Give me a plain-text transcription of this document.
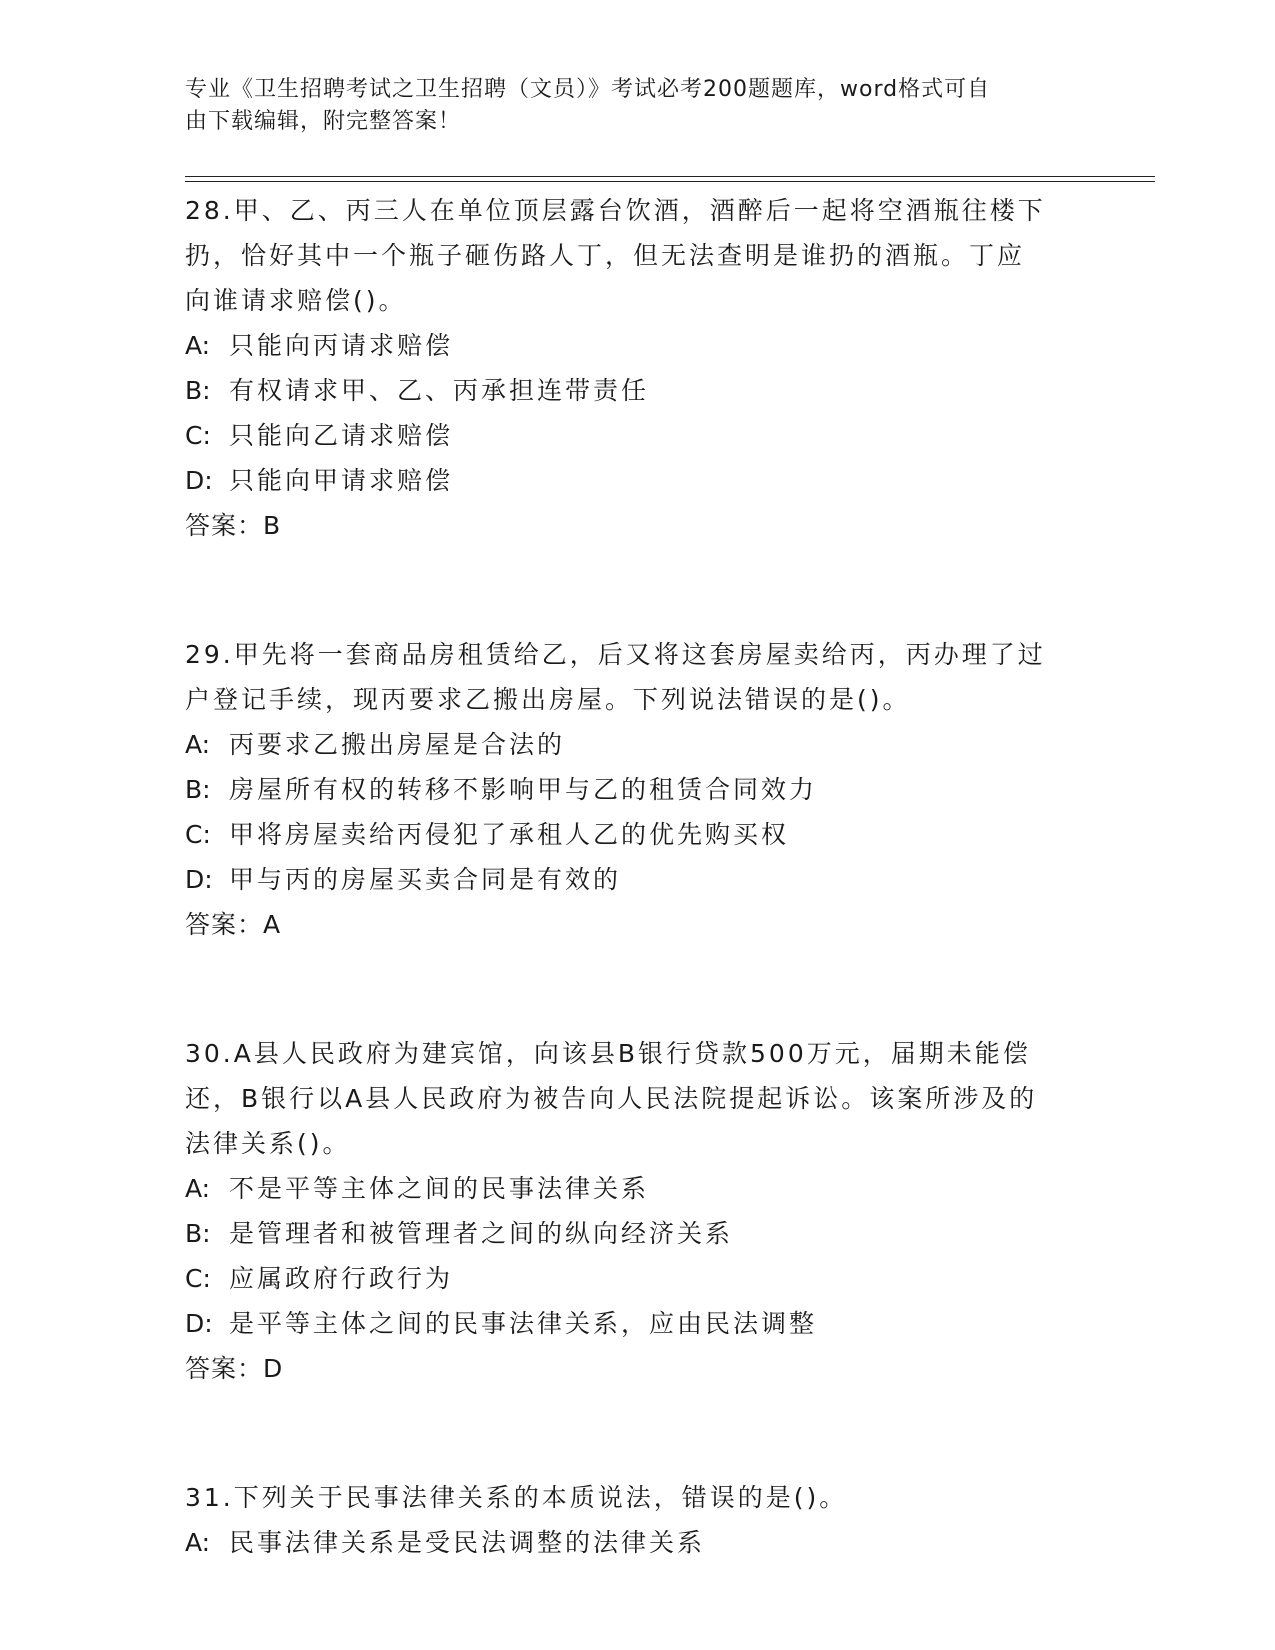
专业《卫生招聘考试之卫生招聘（文员）》考试必考200题题库，word格式可自
由下载编辑，附完整答案！
28.甲、乙、丙三人在单位顶层露台饮酒，酒醉后一起将空酒瓶往楼下
扔，恰好其中一个瓶子砸伤路人丁，但无法查明是谁扔的酒瓶。丁应
向谁请求赔偿()。
A: 只能向丙请求赔偿
B: 有权请求甲、乙、丙承担连带责任
C: 只能向乙请求赔偿
D: 只能向甲请求赔偿
答案：B
29.甲先将一套商品房租赁给乙，后又将这套房屋卖给丙，丙办理了过
户登记手续，现丙要求乙搬出房屋。下列说法错误的是()。
A: 丙要求乙搬出房屋是合法的
B: 房屋所有权的转移不影响甲与乙的租赁合同效力
C: 甲将房屋卖给丙侵犯了承租人乙的优先购买权
D: 甲与丙的房屋买卖合同是有效的
答案：A
30.A县人民政府为建宾馆，向该县B银行贷款500万元，届期未能偿
还，B银行以A县人民政府为被告向人民法院提起诉讼。该案所涉及的
法律关系()。
A: 不是平等主体之间的民事法律关系
B: 是管理者和被管理者之间的纵向经济关系
C: 应属政府行政行为
D: 是平等主体之间的民事法律关系，应由民法调整
答案：D
31.下列关于民事法律关系的本质说法，错误的是()。
A: 民事法律关系是受民法调整的法律关系
